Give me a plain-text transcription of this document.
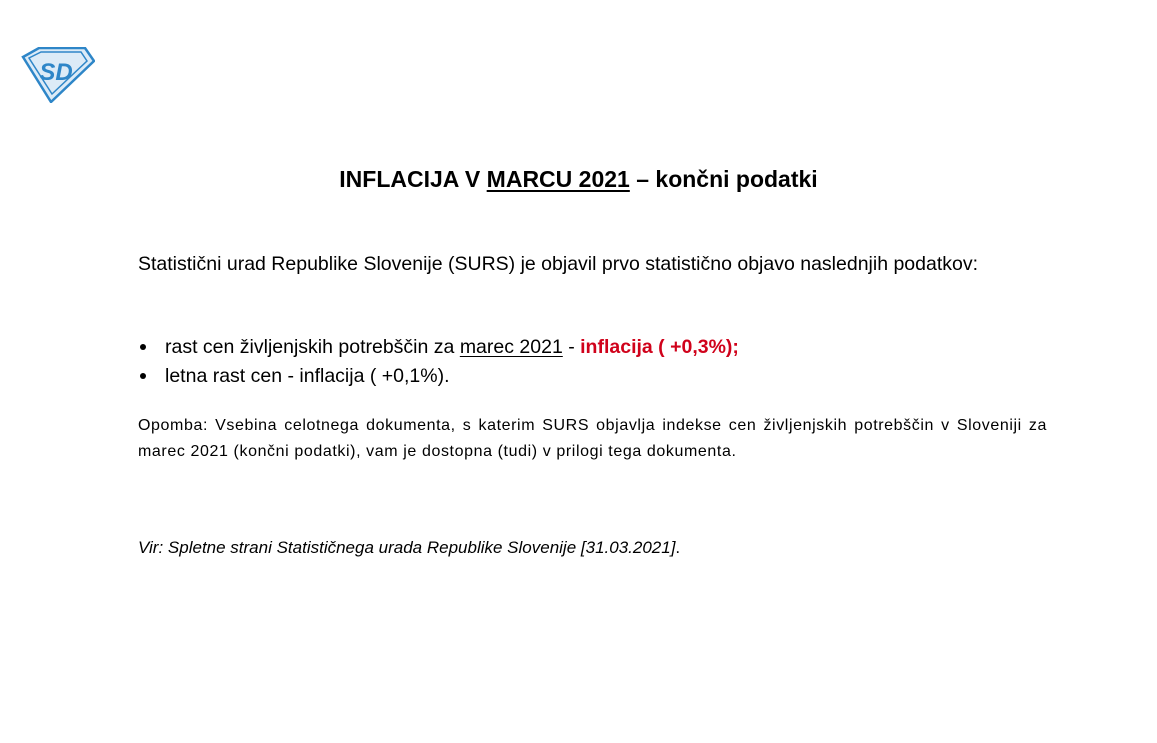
SD
INFLACIJA V MARCU 2021 – končni podatki

Statistični urad Republike Slovenije (SURS) je objavil prvo statistično objavo naslednjih podatkov:

rast cen življenjskih potrebščin za marec 2021 - inflacija ( +0,3%);
letna rast cen - inflacija ( +0,1%).

Opomba: Vsebina celotnega dokumenta, s katerim SURS objavlja indekse cen življenjskih potrebščin v Sloveniji za marec 2021 (končni podatki), vam je dostopna (tudi) v prilogi tega dokumenta.

Vir: Spletne strani Statističnega urada Republike Slovenije [31.03.2021].
